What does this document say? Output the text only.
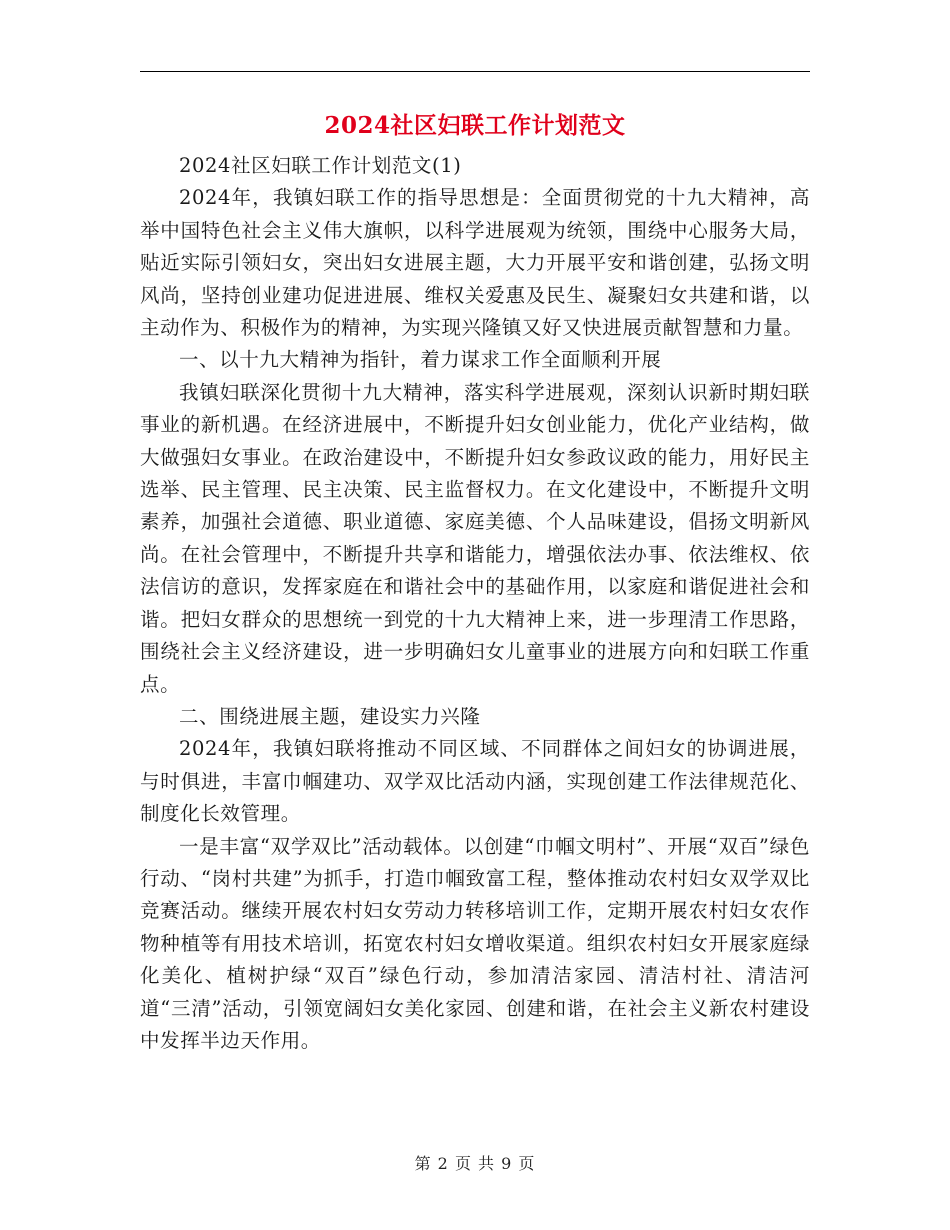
2024社区妇联工作计划范文

2024社区妇联工作计划范文(1)

2024年，我镇妇联工作的指导思想是：全面贯彻党的十九大精神，高举中国特色社会主义伟大旗帜，以科学进展观为统领，围绕中心服务大局，贴近实际引领妇女，突出妇女进展主题，大力开展平安和谐创建，弘扬文明风尚，坚持创业建功促进进展、维权关爱惠及民生、凝聚妇女共建和谐，以主动作为、积极作为的精神，为实现兴隆镇又好又快进展贡献智慧和力量。

一、以十九大精神为指针，着力谋求工作全面顺利开展

我镇妇联深化贯彻十九大精神，落实科学进展观，深刻认识新时期妇联事业的新机遇。在经济进展中，不断提升妇女创业能力，优化产业结构，做大做强妇女事业。在政治建设中，不断提升妇女参政议政的能力，用好民主选举、民主管理、民主决策、民主监督权力。在文化建设中，不断提升文明素养，加强社会道德、职业道德、家庭美德、个人品味建设，倡扬文明新风尚。在社会管理中，不断提升共享和谐能力，增强依法办事、依法维权、依法信访的意识，发挥家庭在和谐社会中的基础作用，以家庭和谐促进社会和谐。把妇女群众的思想统一到党的十九大精神上来，进一步理清工作思路，围绕社会主义经济建设，进一步明确妇女儿童事业的进展方向和妇联工作重点。

二、围绕进展主题，建设实力兴隆

2024年，我镇妇联将推动不同区域、不同群体之间妇女的协调进展，与时俱进，丰富巾帼建功、双学双比活动内涵，实现创建工作法律规范化、制度化长效管理。

一是丰富“双学双比”活动载体。以创建“巾帼文明村”、开展“双百”绿色行动、“岗村共建”为抓手，打造巾帼致富工程，整体推动农村妇女双学双比竞赛活动。继续开展农村妇女劳动力转移培训工作，定期开展农村妇女农作物种植等有用技术培训，拓宽农村妇女增收渠道。组织农村妇女开展家庭绿化美化、植树护绿“双百”绿色行动，参加清洁家园、清洁村社、清洁河道“三清”活动，引领宽阔妇女美化家园、创建和谐，在社会主义新农村建设中发挥半边天作用。

第 2 页 共 9 页
